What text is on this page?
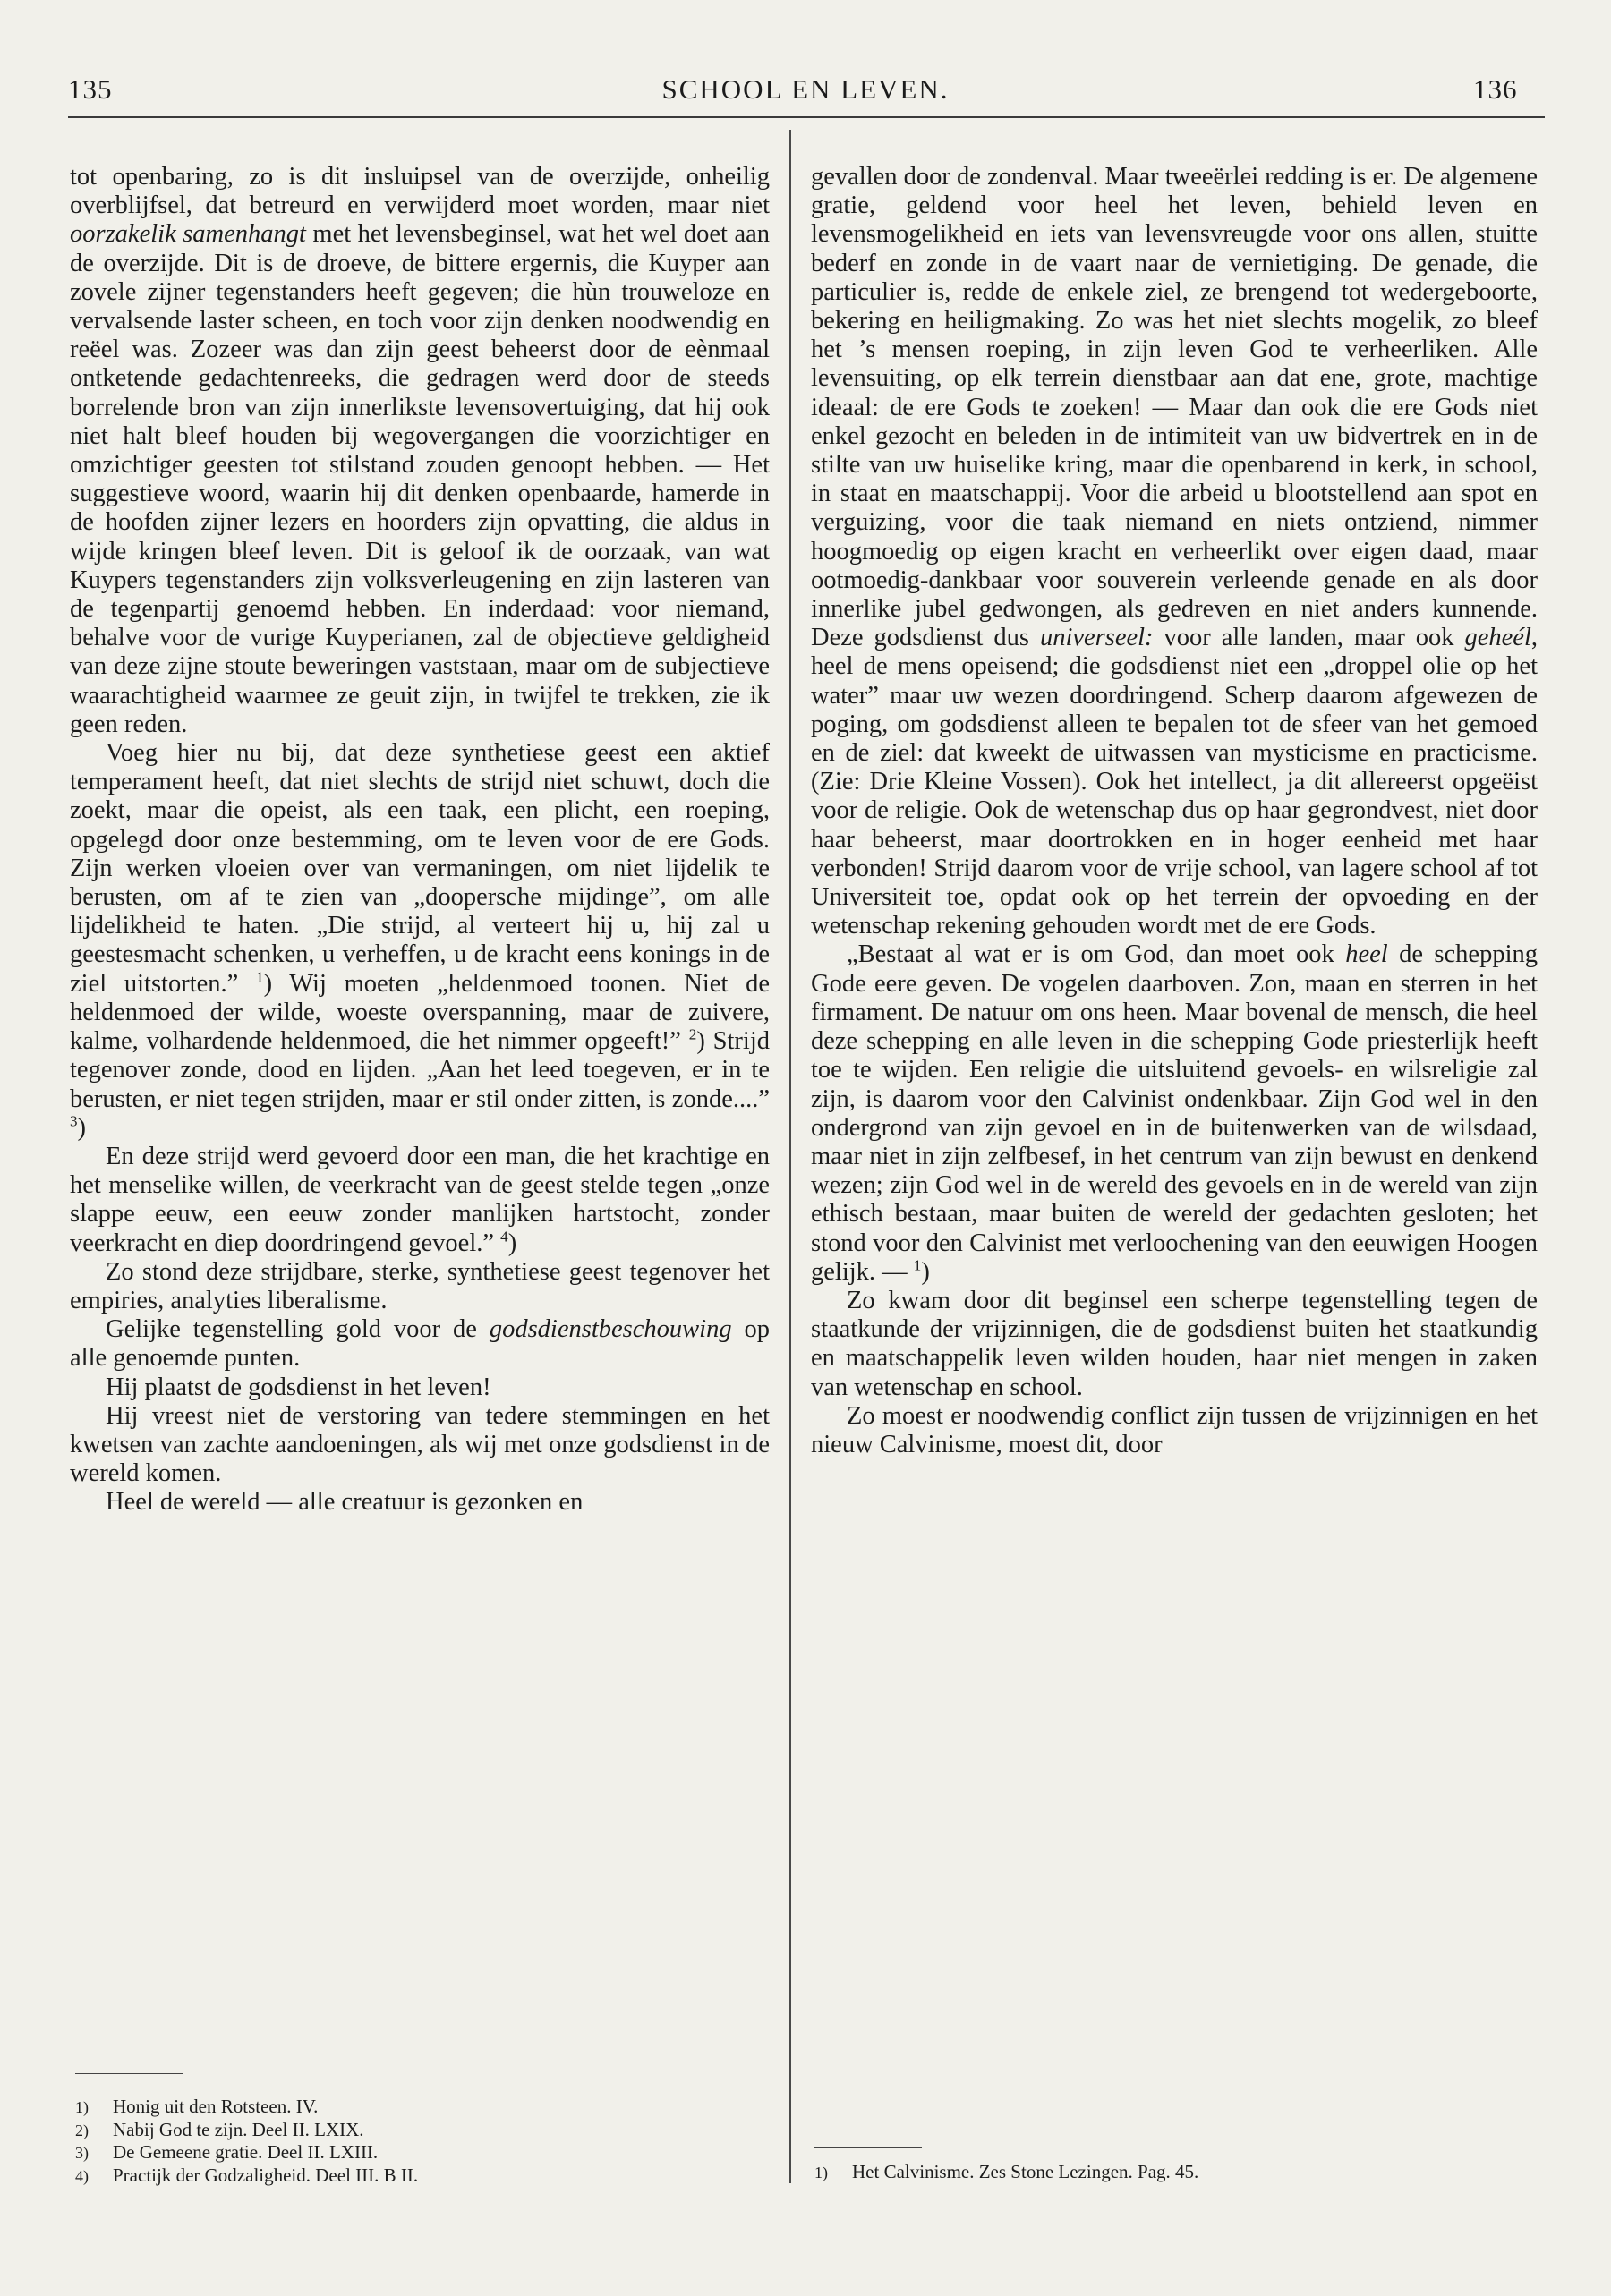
135	SCHOOL EN LEVEN.	136

tot openbaring, zo is dit insluipsel van de overzijde, onheilig overblijfsel, dat betreurd en verwijderd moet worden, maar niet oorzakelik samenhangt met het levensbeginsel, wat het wel doet aan de overzijde. Dit is de droeve, de bittere ergernis, die Kuyper aan zovele zijner tegenstanders heeft gegeven; die hùn trouweloze en vervalsende laster scheen, en toch voor zijn denken noodwendig en reëel was. Zozeer was dan zijn geest beheerst door de eènmaal ontketende gedachtenreeks, die gedragen werd door de steeds borrelende bron van zijn innerlikste levensovertuiging, dat hij ook niet halt bleef houden bij wegovergangen die voorzichtiger en omzichtiger geesten tot stilstand zouden genoopt hebben. — Het suggestieve woord, waarin hij dit denken openbaarde, hamerde in de hoofden zijner lezers en hoorders zijn opvatting, die aldus in wijde kringen bleef leven. Dit is geloof ik de oorzaak, van wat Kuypers tegenstanders zijn volksverleugening en zijn lasteren van de tegenpartij genoemd hebben. En inderdaad: voor niemand, behalve voor de vurige Kuyperianen, zal de objectieve geldigheid van deze zijne stoute beweringen vaststaan, maar om de subjectieve waarachtigheid waarmee ze geuit zijn, in twijfel te trekken, zie ik geen reden.

Voeg hier nu bij, dat deze synthetiese geest een aktief temperament heeft, dat niet slechts de strijd niet schuwt, doch die zoekt, maar die opeist, als een taak, een plicht, een roeping, opgelegd door onze bestemming, om te leven voor de ere Gods. Zijn werken vloeien over van vermaningen, om niet lijdelik te berusten, om af te zien van „doopersche mijdinge”, om alle lijdelikheid te haten. „Die strijd, al verteert hij u, hij zal u geestesmacht schenken, u verheffen, u de kracht eens konings in de ziel uitstorten.” $^1$) Wij moeten „heldenmoed toonen. Niet de heldenmoed der wilde, woeste overspanning, maar de zuivere, kalme, volhardende heldenmoed, die het nimmer opgeeft!” $^2$) Strijd tegenover zonde, dood en lijden. „Aan het leed toegeven, er in te berusten, er niet tegen strijden, maar er stil onder zitten, is zonde....” $^3$)

En deze strijd werd gevoerd door een man, die het krachtige en het menselike willen, de veerkracht van de geest stelde tegen „onze slappe eeuw, een eeuw zonder manlijken hartstocht, zonder veerkracht en diep doordringend gevoel.” $^4$)

Zo stond deze strijdbare, sterke, synthetiese geest tegenover het empiries, analyties liberalisme.

Gelijke tegenstelling gold voor de godsdienstbeschouwing op alle genoemde punten.

Hij plaatst de godsdienst in het leven!

Hij vreest niet de verstoring van tedere stemmingen en het kwetsen van zachte aandoeningen, als wij met onze godsdienst in de wereld komen.

Heel de wereld — alle creatuur is gezonken en

gevallen door de zondenval. Maar tweeërlei redding is er. De algemene gratie, geldend voor heel het leven, behield leven en levensmogelikheid en iets van levensvreugde voor ons allen, stuitte bederf en zonde in de vaart naar de vernietiging. De genade, die particulier is, redde de enkele ziel, ze brengend tot wedergeboorte, bekering en heiligmaking. Zo was het niet slechts mogelik, zo bleef het ’s mensen roeping, in zijn leven God te verheerliken. Alle levensuiting, op elk terrein dienstbaar aan dat ene, grote, machtige ideaal: de ere Gods te zoeken! — Maar dan ook die ere Gods niet enkel gezocht en beleden in de intimiteit van uw bidvertrek en in de stilte van uw huiselike kring, maar die openbarend in kerk, in school, in staat en maatschappij. Voor die arbeid u blootstellend aan spot en verguizing, voor die taak niemand en niets ontziend, nimmer hoogmoedig op eigen kracht en verheerlikt over eigen daad, maar ootmoedig-dankbaar voor souverein verleende genade en als door innerlike jubel gedwongen, als gedreven en niet anders kunnende. Deze godsdienst dus universeel: voor alle landen, maar ook geheél, heel de mens opeisend; die godsdienst niet een „droppel olie op het water” maar uw wezen doordringend. Scherp daarom afgewezen de poging, om godsdienst alleen te bepalen tot de sfeer van het gemoed en de ziel: dat kweekt de uitwassen van mysticisme en practicisme. (Zie: Drie Kleine Vossen). Ook het intellect, ja dit allereerst opgeëist voor de religie. Ook de wetenschap dus op haar gegrondvest, niet door haar beheerst, maar doortrokken en in hoger eenheid met haar verbonden! Strijd daarom voor de vrije school, van lagere school af tot Universiteit toe, opdat ook op het terrein der opvoeding en der wetenschap rekening gehouden wordt met de ere Gods.

„Bestaat al wat er is om God, dan moet ook heel de schepping Gode eere geven. De vogelen daarboven. Zon, maan en sterren in het firmament. De natuur om ons heen. Maar bovenal de mensch, die heel deze schepping en alle leven in die schepping Gode priesterlijk heeft toe te wijden. Een religie die uitsluitend gevoels- en wilsreligie zal zijn, is daarom voor den Calvinist ondenkbaar. Zijn God wel in den ondergrond van zijn gevoel en in de buitenwerken van de wilsdaad, maar niet in zijn zelfbesef, in het centrum van zijn bewust en denkend wezen; zijn God wel in de wereld des gevoels en in de wereld van zijn ethisch bestaan, maar buiten de wereld der gedachten gesloten; het stond voor den Calvinist met verloochening van den eeuwigen Hoogen gelijk. — $^1$)

Zo kwam door dit beginsel een scherpe tegenstelling tegen de staatkunde der vrijzinnigen, die de godsdienst buiten het staatkundig en maatschappelik leven wilden houden, haar niet mengen in zaken van wetenschap en school.

Zo moest er noodwendig conflict zijn tussen de vrijzinnigen en het nieuw Calvinisme, moest dit, door

1) Honig uit den Rotsteen. IV.
2) Nabij God te zijn. Deel II. LXIX.
3) De Gemeene gratie. Deel II. LXIII.
4) Practijk der Godzaligheid. Deel III. B II.	1) Het Calvinisme. Zes Stone Lezingen. Pag. 45.
